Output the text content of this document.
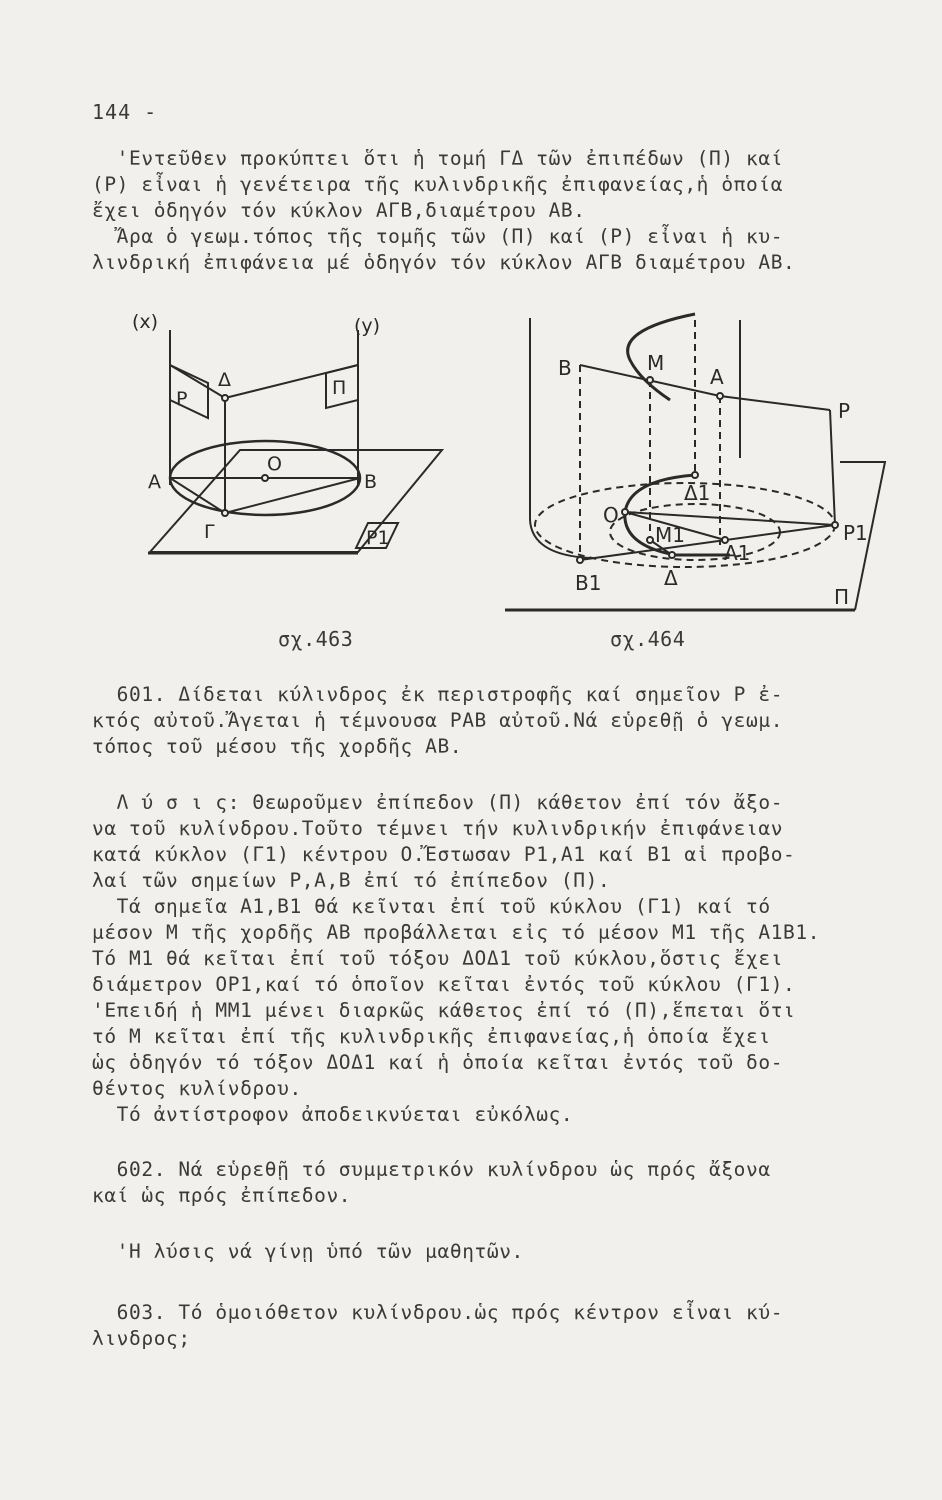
144 -
'Εντεῦθεν προκύπτει ὅτι ἡ τομή ΓΔ τῶν ἐπιπέδων (Π) καί
(Ρ) εἶναι ἡ γενέτειρα τῆς κυλινδρικῆς ἐπιφανείας,ἡ ὁποία
ἔχει ὁδηγόν τόν κύκλον ΑΓΒ,διαμέτρου ΑΒ.
Ἄρα ὁ γεωμ.τόπος τῆς τομῆς τῶν (Π) καί (Ρ) εἶναι ἡ κυ-
λινδρική ἐπιφάνεια μέ ὁδηγόν τόν κύκλον ΑΓΒ διαμέτρου ΑΒ.
(x)	(y)
Ρ	Π
Δ
Α
Ο
Β
Γ	Ρ1
σχ.463
Β	Μ
Α
Ρ
Δ1
Ο
Μ1
Α1
Ρ1
Β1	Δ
Π
σχ.464
601. Δίδεται κύλινδρος ἐκ περιστροφῆς καί σημεῖον Ρ ἐ-
κτός αὐτοῦ.Ἄγεται ἡ τέμνουσα ΡΑΒ αὐτοῦ.Νά εὑρεθῇ ὁ γεωμ.
τόπος τοῦ μέσου τῆς χορδῆς ΑΒ.
Λ ύ σ ι ς: Θεωροῦμεν ἐπίπεδον (Π) κάθετον ἐπί τόν ἄξο-
να τοῦ κυλίνδρου.Τοῦτο τέμνει τήν κυλινδρικήν ἐπιφάνειαν
κατά κύκλον (Γ1) κέντρου Ο.Ἔστωσαν Ρ1,Α1 καί Β1 αἱ προβο-
λαί τῶν σημείων Ρ,Α,Β ἐπί τό ἐπίπεδον (Π).
Τά σημεῖα Α1,Β1 θά κεῖνται ἐπί τοῦ κύκλου (Γ1) καί τό
μέσον Μ τῆς χορδῆς ΑΒ προβάλλεται εἰς τό μέσον Μ1 τῆς Α1Β1.
Τό Μ1 θά κεῖται ἐπί τοῦ τόξου ΔΟΔ1 τοῦ κύκλου,ὅστις ἔχει
διάμετρον ΟΡ1,καί τό ὁποῖον κεῖται ἐντός τοῦ κύκλου (Γ1).
'Επειδή ἡ ΜΜ1 μένει διαρκῶς κάθετος ἐπί τό (Π),ἕπεται ὅτι
τό Μ κεῖται ἐπί τῆς κυλινδρικῆς ἐπιφανείας,ἡ ὁποία ἔχει
ὡς ὁδηγόν τό τόξον ΔΟΔ1 καί ἡ ὁποία κεῖται ἐντός τοῦ δο-
θέντος κυλίνδρου.
Τό ἀντίστροφον ἀποδεικνύεται εὐκόλως.
602. Νά εὑρεθῇ τό συμμετρικόν κυλίνδρου ὡς πρός ἄξονα
καί ὡς πρός ἐπίπεδον.
'Η λύσις νά γίνῃ ὑπό τῶν μαθητῶν.
603. Τό ὁμοιόθετον κυλίνδρου.ὡς πρός κέντρον εἶναι κύ-
λινδρος;
